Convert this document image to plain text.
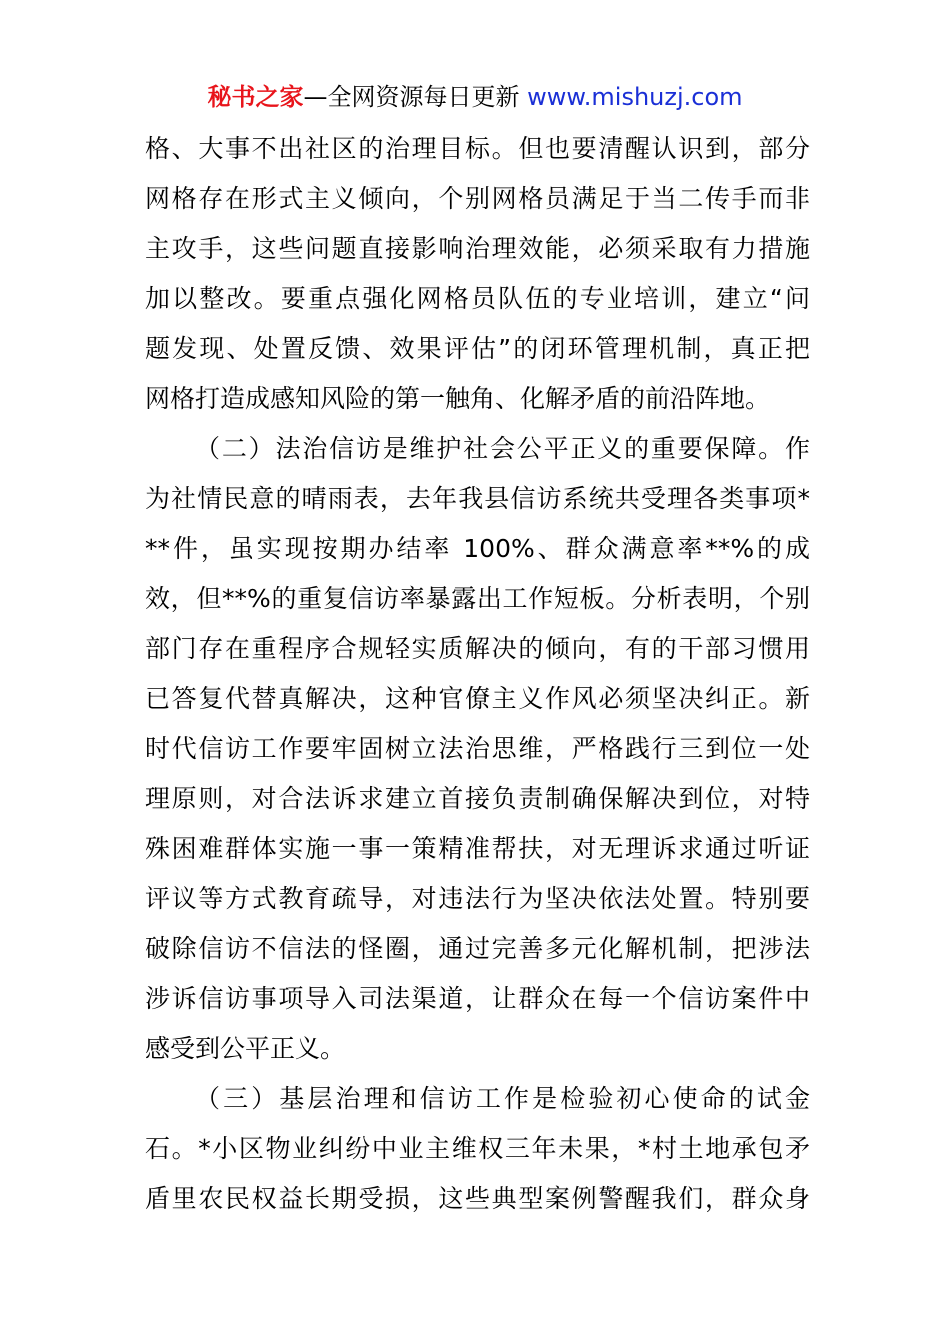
秘书之家—全网资源每日更新 www.mishuzj.com
格、大事不出社区的治理目标。但也要清醒认识到，部分
网格存在形式主义倾向，个别网格员满足于当二传手而非
主攻手，这些问题直接影响治理效能，必须采取有力措施
加以整改。要重点强化网格员队伍的专业培训，建立“问
题发现、处置反馈、效果评估”的闭环管理机制，真正把
网格打造成感知风险的第一触角、化解矛盾的前沿阵地。
（二）法治信访是维护社会公平正义的重要保障。作
为社情民意的晴雨表，去年我县信访系统共受理各类事项*
**件，虽实现按期办结率 100%、群众满意率**%的成
效，但**%的重复信访率暴露出工作短板。分析表明，个别
部门存在重程序合规轻实质解决的倾向，有的干部习惯用
已答复代替真解决，这种官僚主义作风必须坚决纠正。新
时代信访工作要牢固树立法治思维，严格践行三到位一处
理原则，对合法诉求建立首接负责制确保解决到位，对特
殊困难群体实施一事一策精准帮扶，对无理诉求通过听证
评议等方式教育疏导，对违法行为坚决依法处置。特别要
破除信访不信法的怪圈，通过完善多元化解机制，把涉法
涉诉信访事项导入司法渠道，让群众在每一个信访案件中
感受到公平正义。
（三）基层治理和信访工作是检验初心使命的试金
石。*小区物业纠纷中业主维权三年未果，*村土地承包矛
盾里农民权益长期受损，这些典型案例警醒我们，群众身
